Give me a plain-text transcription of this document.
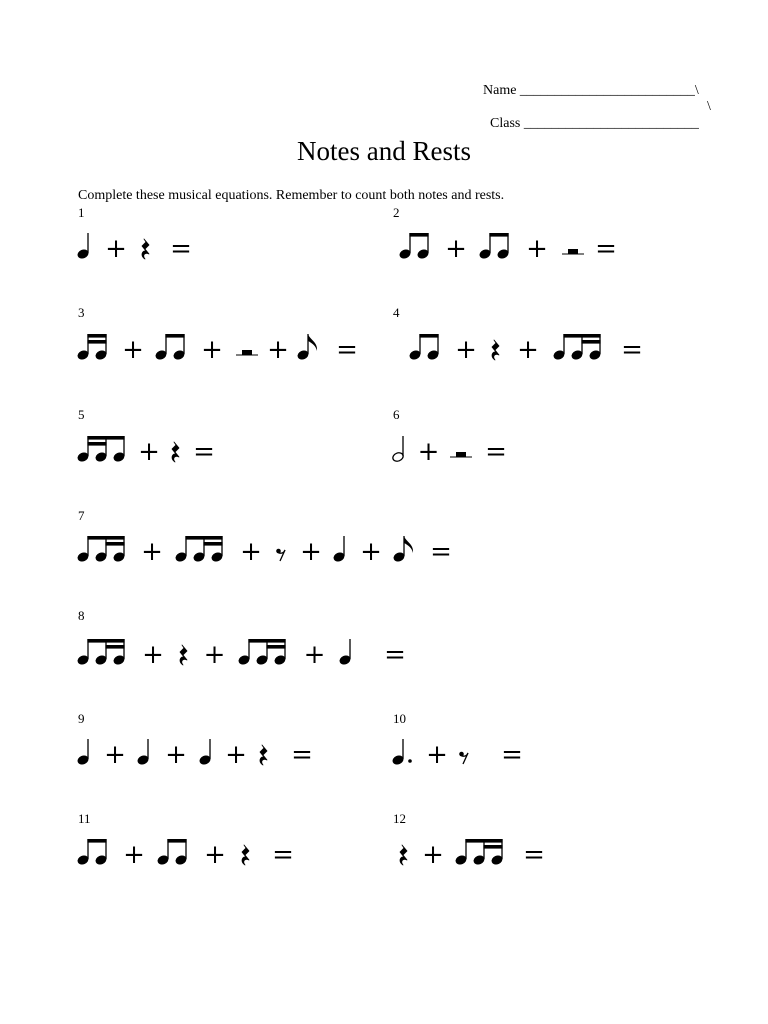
Name _________________________\
\
Class _________________________
Notes and Rests
Complete these musical equations. Remember to count both notes and rests.
1	2
3	4
5	6
7
8
9	10
11	12
+ =	+ + =
+ + + =	+ +	=
+ =	+ =
+	+ + + =
+ +	+ =
+ + + =	+ =
+ + =	+	=
